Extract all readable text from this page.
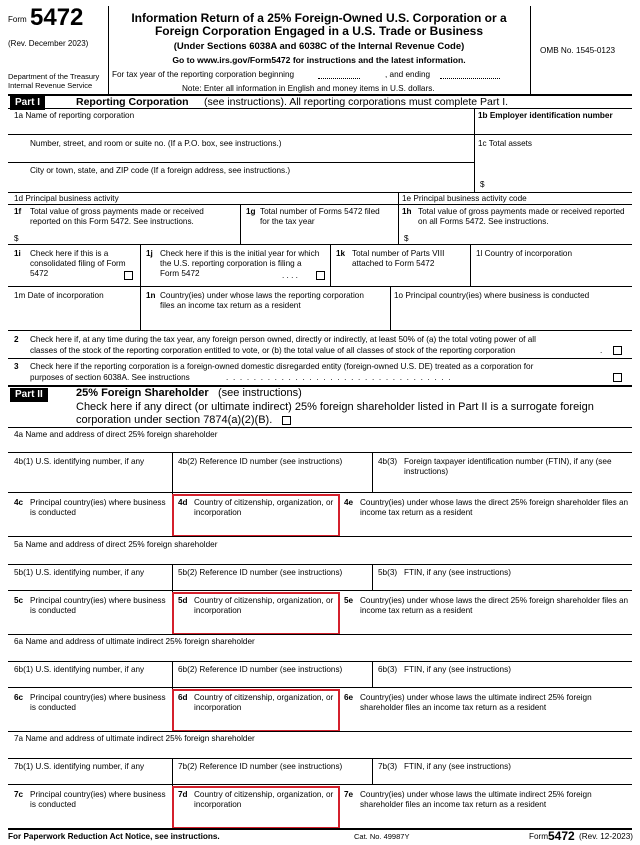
Form 5472
(Rev. December 2023)
Department of the Treasury
Internal Revenue Service
Information Return of a 25% Foreign-Owned U.S. Corporation or a
Foreign Corporation Engaged in a U.S. Trade or Business
(Under Sections 6038A and 6038C of the Internal Revenue Code)
Go to www.irs.gov/Form5472 for instructions and the latest information.
For tax year of the reporting corporation beginning	, and ending
Note: Enter all information in English and money items in U.S. dollars.
OMB No. 1545-0123
Part I	Reporting Corporation (see instructions). All reporting corporations must complete Part I.
1a Name of reporting corporation	1b Employer identification number
Number, street, and room or suite no. (If a P.O. box, see instructions.)	1c Total assets
City or town, state, and ZIP code (If a foreign address, see instructions.)
$
1d Principal business activity	1e Principal business activity code
1f Total value of gross payments made or received reported on this Form 5472. See instructions.
$
1g Total number of Forms 5472 filed for the tax year
1h Total value of gross payments made or received reported on all Forms 5472. See instructions.
$
1i Check here if this is a consolidated filing of Form 5472
1j Check here if this is the initial year for which the U.S. reporting corporation is filing a Form 5472	. . . .
1k Total number of Parts VIII attached to Form 5472
1l Country of incorporation
1m Date of incorporation	1n Country(ies) under whose laws the reporting corporation files an income tax return as a resident
1o Principal country(ies) where business is conducted
2 Check here if, at any time during the tax year, any foreign person owned, directly or indirectly, at least 50% of (a) the total voting power of all
classes of the stock of the reporting corporation entitled to vote, or (b) the total value of all classes of stock of the reporting corporation	.
3 Check here if the reporting corporation is a foreign-owned domestic disregarded entity (foreign-owned U.S. DE) treated as a corporation for
purposes of section 6038A. See instructions	. . . . . . . . . . . . . . . . . . . . . . . . . . . . . . . . .
Part II	25% Foreign Shareholder (see instructions)
Check here if any direct (or ultimate indirect) 25% foreign shareholder listed in Part II is a surrogate foreign
corporation under section 7874(a)(2)(B).
4a Name and address of direct 25% foreign shareholder
4b(1) U.S. identifying number, if any	4b(2) Reference ID number (see instructions)	4b(3) Foreign taxpayer identification number (FTIN), if any (see instructions)
4c Principal country(ies) where business is conducted
4d Country of citizenship, organization, or incorporation
4e Country(ies) under whose laws the direct 25% foreign shareholder files an income tax return as a resident
5a Name and address of direct 25% foreign shareholder
5b(1) U.S. identifying number, if any	5b(2) Reference ID number (see instructions)	5b(3) FTIN, if any (see instructions)
5c Principal country(ies) where business is conducted
5d Country of citizenship, organization, or incorporation
5e Country(ies) under whose laws the direct 25% foreign shareholder files an income tax return as a resident
6a Name and address of ultimate indirect 25% foreign shareholder
6b(1) U.S. identifying number, if any	6b(2) Reference ID number (see instructions)	6b(3) FTIN, if any (see instructions)
6c Principal country(ies) where business is conducted
6d Country of citizenship, organization, or incorporation
6e Country(ies) under whose laws the ultimate indirect 25% foreign shareholder files an income tax return as a resident
7a Name and address of ultimate indirect 25% foreign shareholder
7b(1) U.S. identifying number, if any	7b(2) Reference ID number (see instructions)	7b(3) FTIN, if any (see instructions)
7c Principal country(ies) where business is conducted
7d Country of citizenship, organization, or incorporation
7e Country(ies) under whose laws the ultimate indirect 25% foreign shareholder files an income tax return as a resident
For Paperwork Reduction Act Notice, see instructions.	Cat. No. 49987Y	Form 5472 (Rev. 12-2023)
